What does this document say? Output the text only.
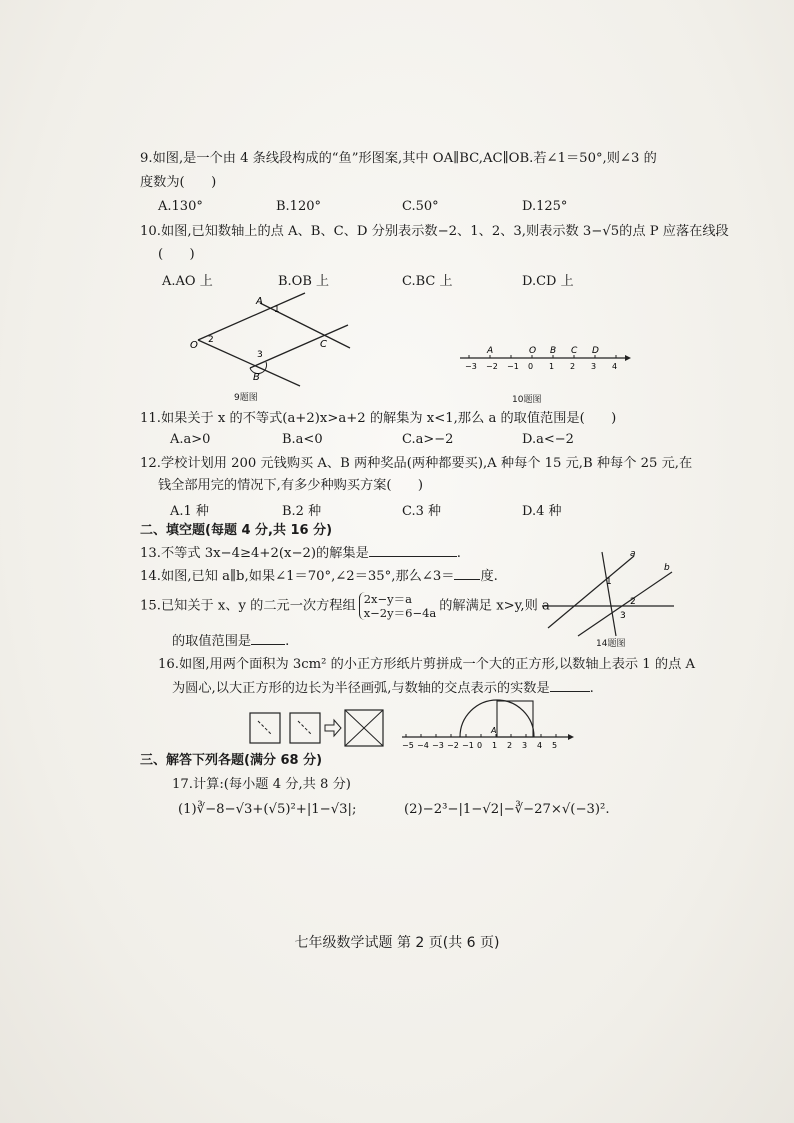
9.如图,是一个由 4 条线段构成的“鱼”形图案,其中 OA∥BC,AC∥OB.若∠1＝50°,则∠3 的
度数为(　　)
A.130°	B.120°	C.50°	D.125°
10.如图,已知数轴上的点 A、B、C、D 分别表示数−2、1、2、3,则表示数 3−√5的点 P 应落在线段
(　　)
A.AO 上	B.OB 上	C.BC 上	D.CD 上
A
1
2
O	C
3
B
9题图
−3 −2 −1 0 1 2 3 4
A	O B C D
10题图
11.如果关于 x 的不等式(a+2)x>a+2 的解集为 x<1,那么 a 的取值范围是(　　)
A.a>0	B.a<0	C.a>−2	D.a<−2
12.学校计划用 200 元钱购买 A、B 两种奖品(两种都要买),A 种每个 15 元,B 种每个 25 元,在
钱全部用完的情况下,有多少种购买方案(　　)
A.1 种	B.2 种	C.3 种	D.4 种
二、填空题(每题 4 分,共 16 分)
13.不等式 3x−4≥4+2(x−2)的解集是	.
14.如图,已知 a∥b,如果∠1＝70°,∠2＝35°,那么∠3＝ 度.
15.已知关于 x、y 的二元一次方程组 2x−y＝a
x−2y＝6−4a 的解满足 x>y,则 a
的取值范围是	.
a
b
1
2
3
14题图
16.如图,用两个面积为 3cm² 的小正方形纸片剪拼成一个大的正方形,以数轴上表示 1 的点 A
为圆心,以大正方形的边长为半径画弧,与数轴的交点表示的实数是	.
−5 −4 −3 −2 −1 0 1 2 3 4 5
A
三、解答下列各题(满分 68 分)
17.计算:(每小题 4 分,共 8 分)
(1)∛−8−√3+(√5)²+|1−√3|;	(2)−2³−|1−√2|−∛−27×√(−3)².
七年级数学试题 第 2 页(共 6 页)
